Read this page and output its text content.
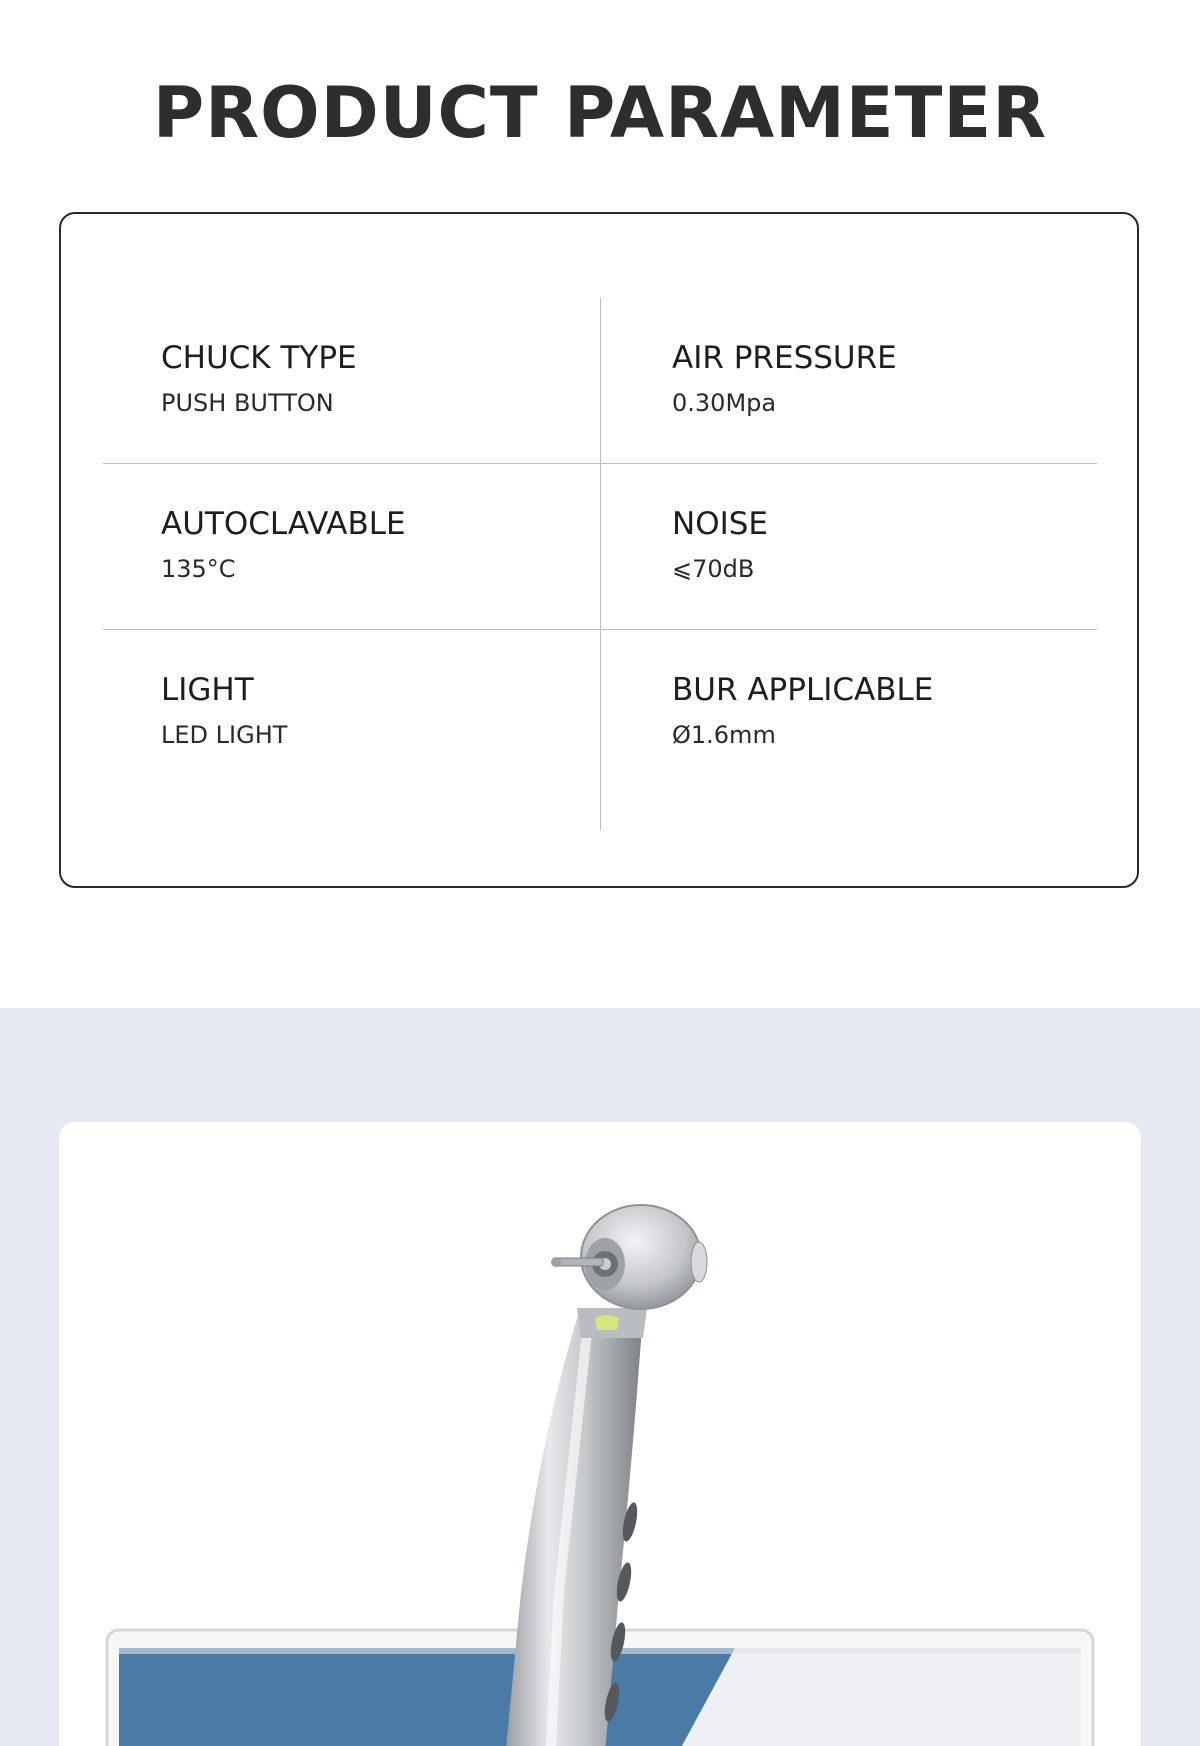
PRODUCT PARAMETER
CHUCK TYPE
PUSH BUTTON
AIR PRESSURE
0.30Mpa
AUTOCLAVABLE
135°C
NOISE
⩽70dB
LIGHT
LED LIGHT
BUR APPLICABLE
Ø1.6mm
